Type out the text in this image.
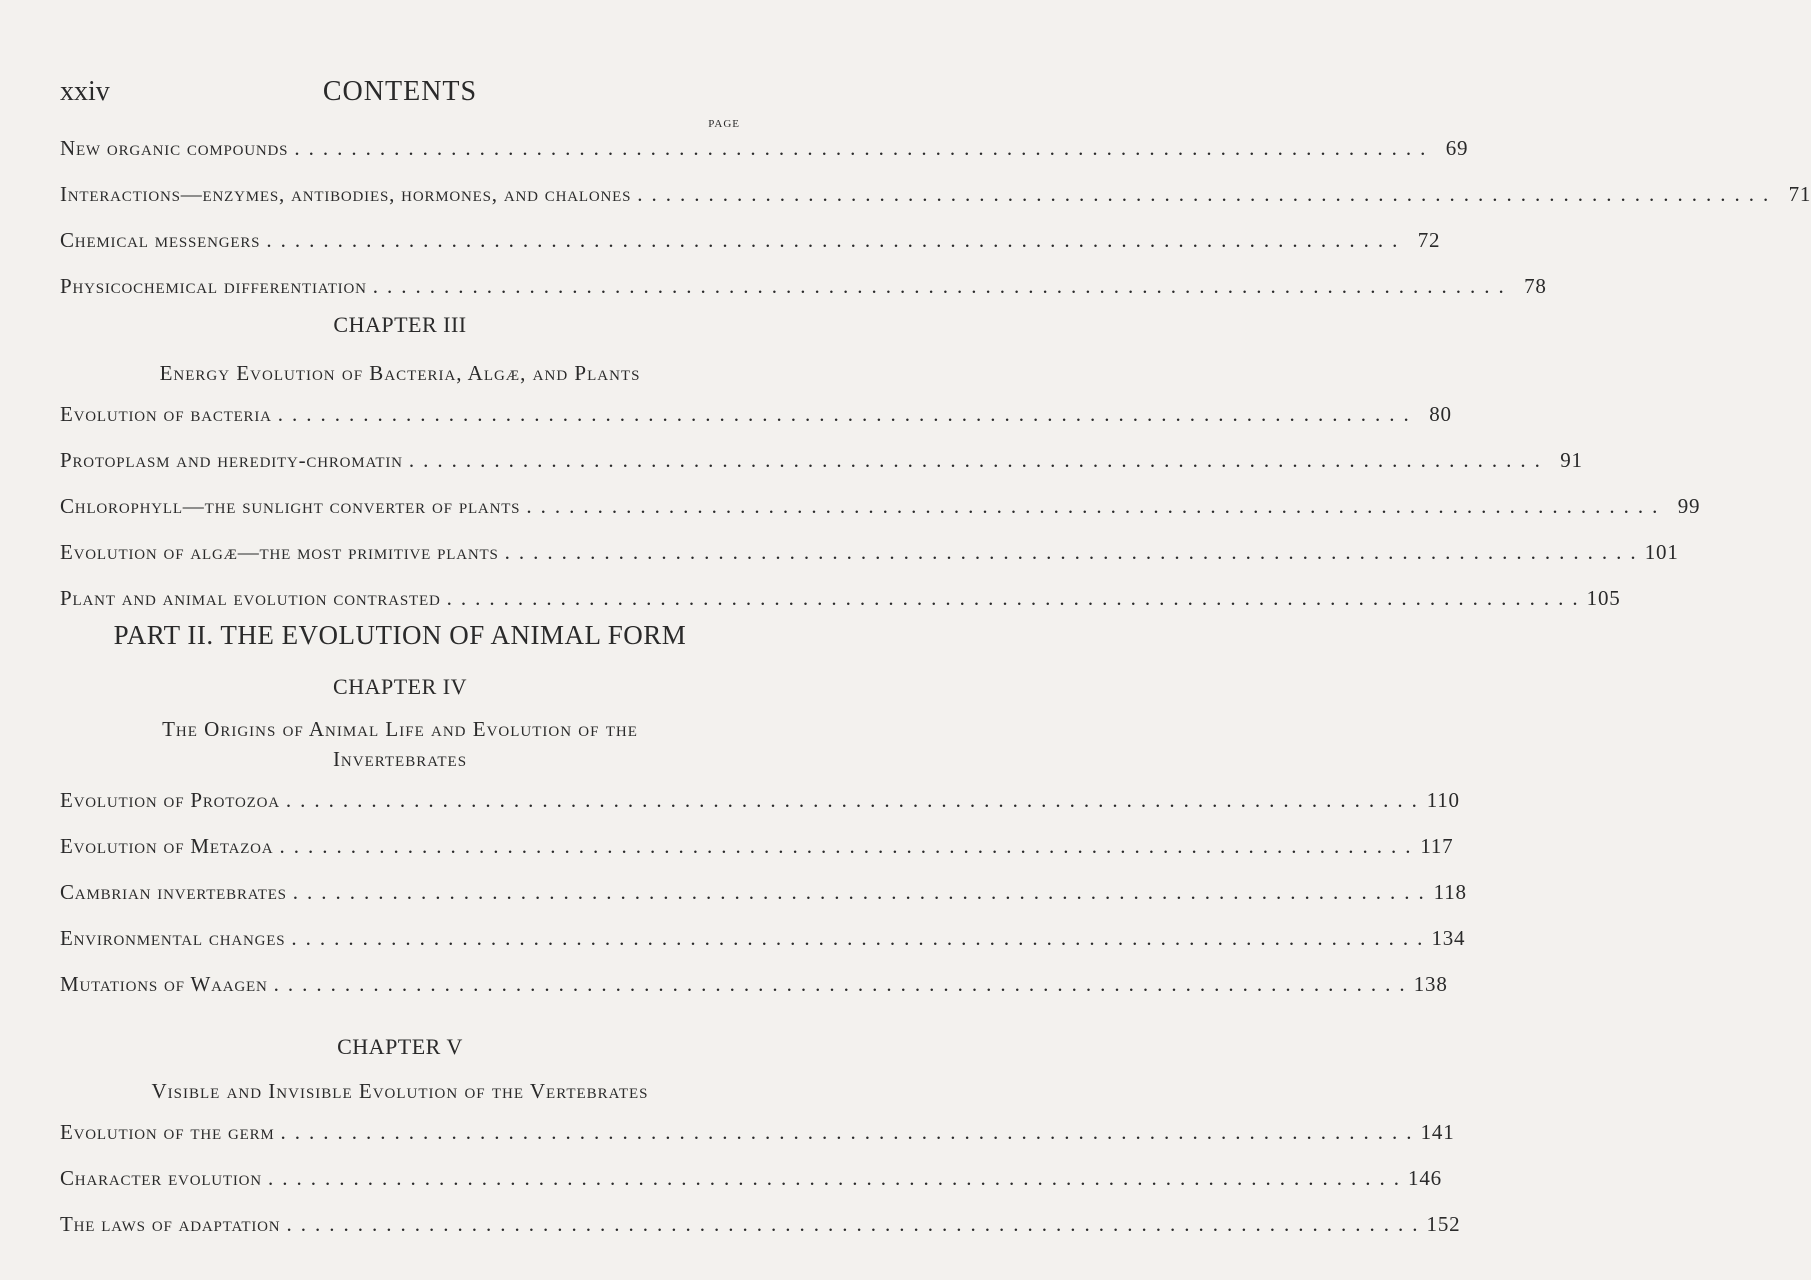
xxiv	CONTENTS
PAGE
New organic compounds ................................................................................ 69
Interactions—enzymes, antibodies, hormones, and chalones ................................................................................ 71
Chemical messengers ................................................................................ 72
Physicochemical differentiation ................................................................................ 78
CHAPTER III
Energy Evolution of Bacteria, Algæ, and Plants
Evolution of bacteria ................................................................................ 80
Protoplasm and heredity-chromatin ................................................................................ 91
Chlorophyll—the sunlight converter of plants ................................................................................ 99
Evolution of algæ—the most primitive plants ................................................................................ 101
Plant and animal evolution contrasted ................................................................................ 105
PART II. THE EVOLUTION OF ANIMAL FORM
CHAPTER IV
The Origins of Animal Life and Evolution of the
Invertebrates
Evolution of Protozoa ................................................................................ 110
Evolution of Metazoa ................................................................................ 117
Cambrian invertebrates ................................................................................ 118
Environmental changes ................................................................................ 134
Mutations of Waagen ................................................................................ 138
CHAPTER V
Visible and Invisible Evolution of the Vertebrates
Evolution of the germ ................................................................................ 141
Character evolution ................................................................................ 146
The laws of adaptation ................................................................................ 152
